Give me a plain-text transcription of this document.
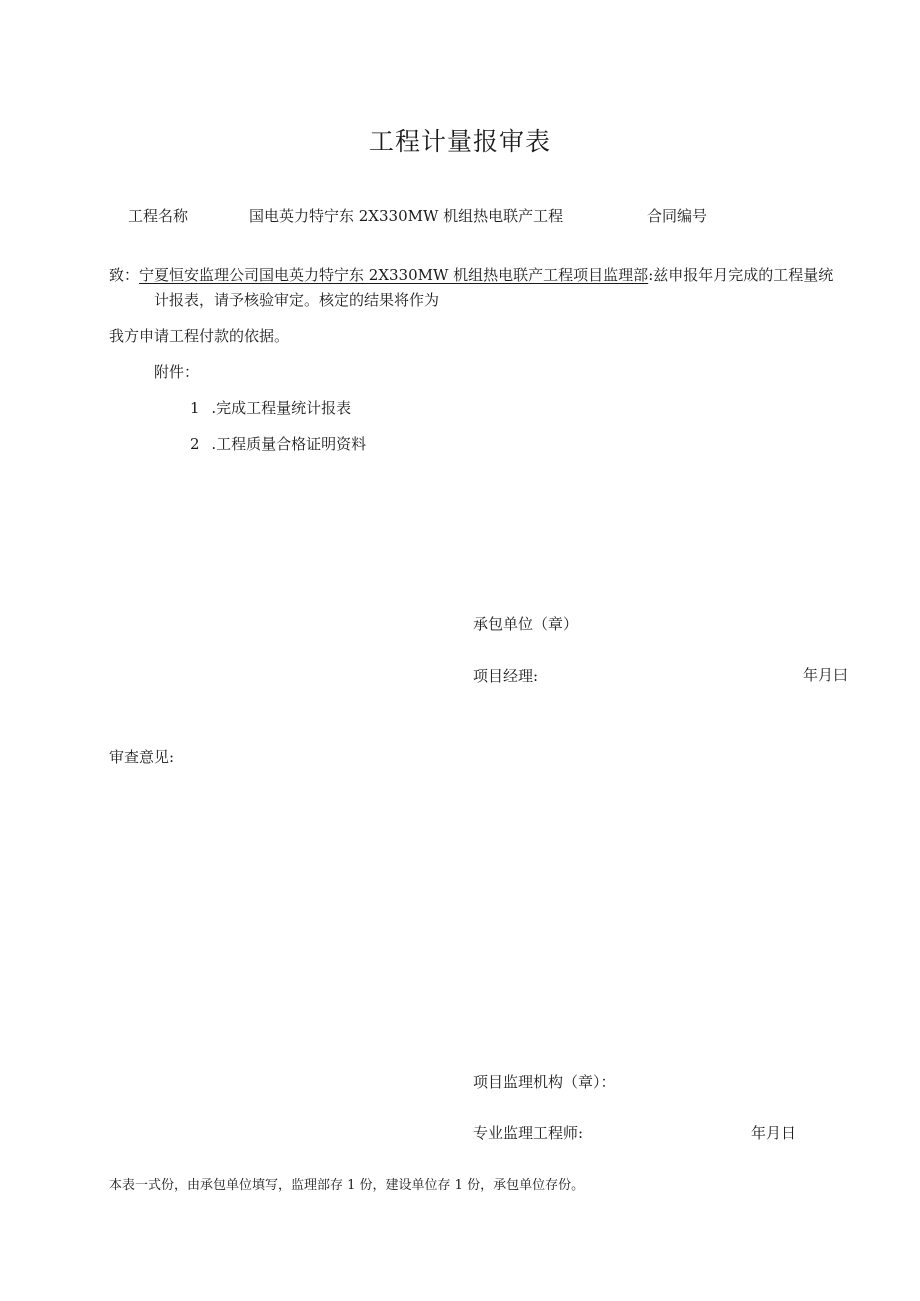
工程计量报审表
工程名称	国电英力特宁东 2X330MW 机组热电联产工程	合同编号
致：宁夏恒安监理公司国电英力特宁东 2X330MW 机组热电联产工程项目监理部:兹申报年月完成的工程量统
计报表，请予核验审定。核定的结果将作为
我方申请工程付款的依据。
附件：
1 .完成工程量统计报表
2 .工程质量合格证明资料
承包单位（章）
项目经理:	年月曰
审查意见:
项目监理机构（章）：
专业监理工程师:	年月日
本表一式份，由承包单位填写，监理部存 1 份，建设单位存 1 份，承包单位存份。
